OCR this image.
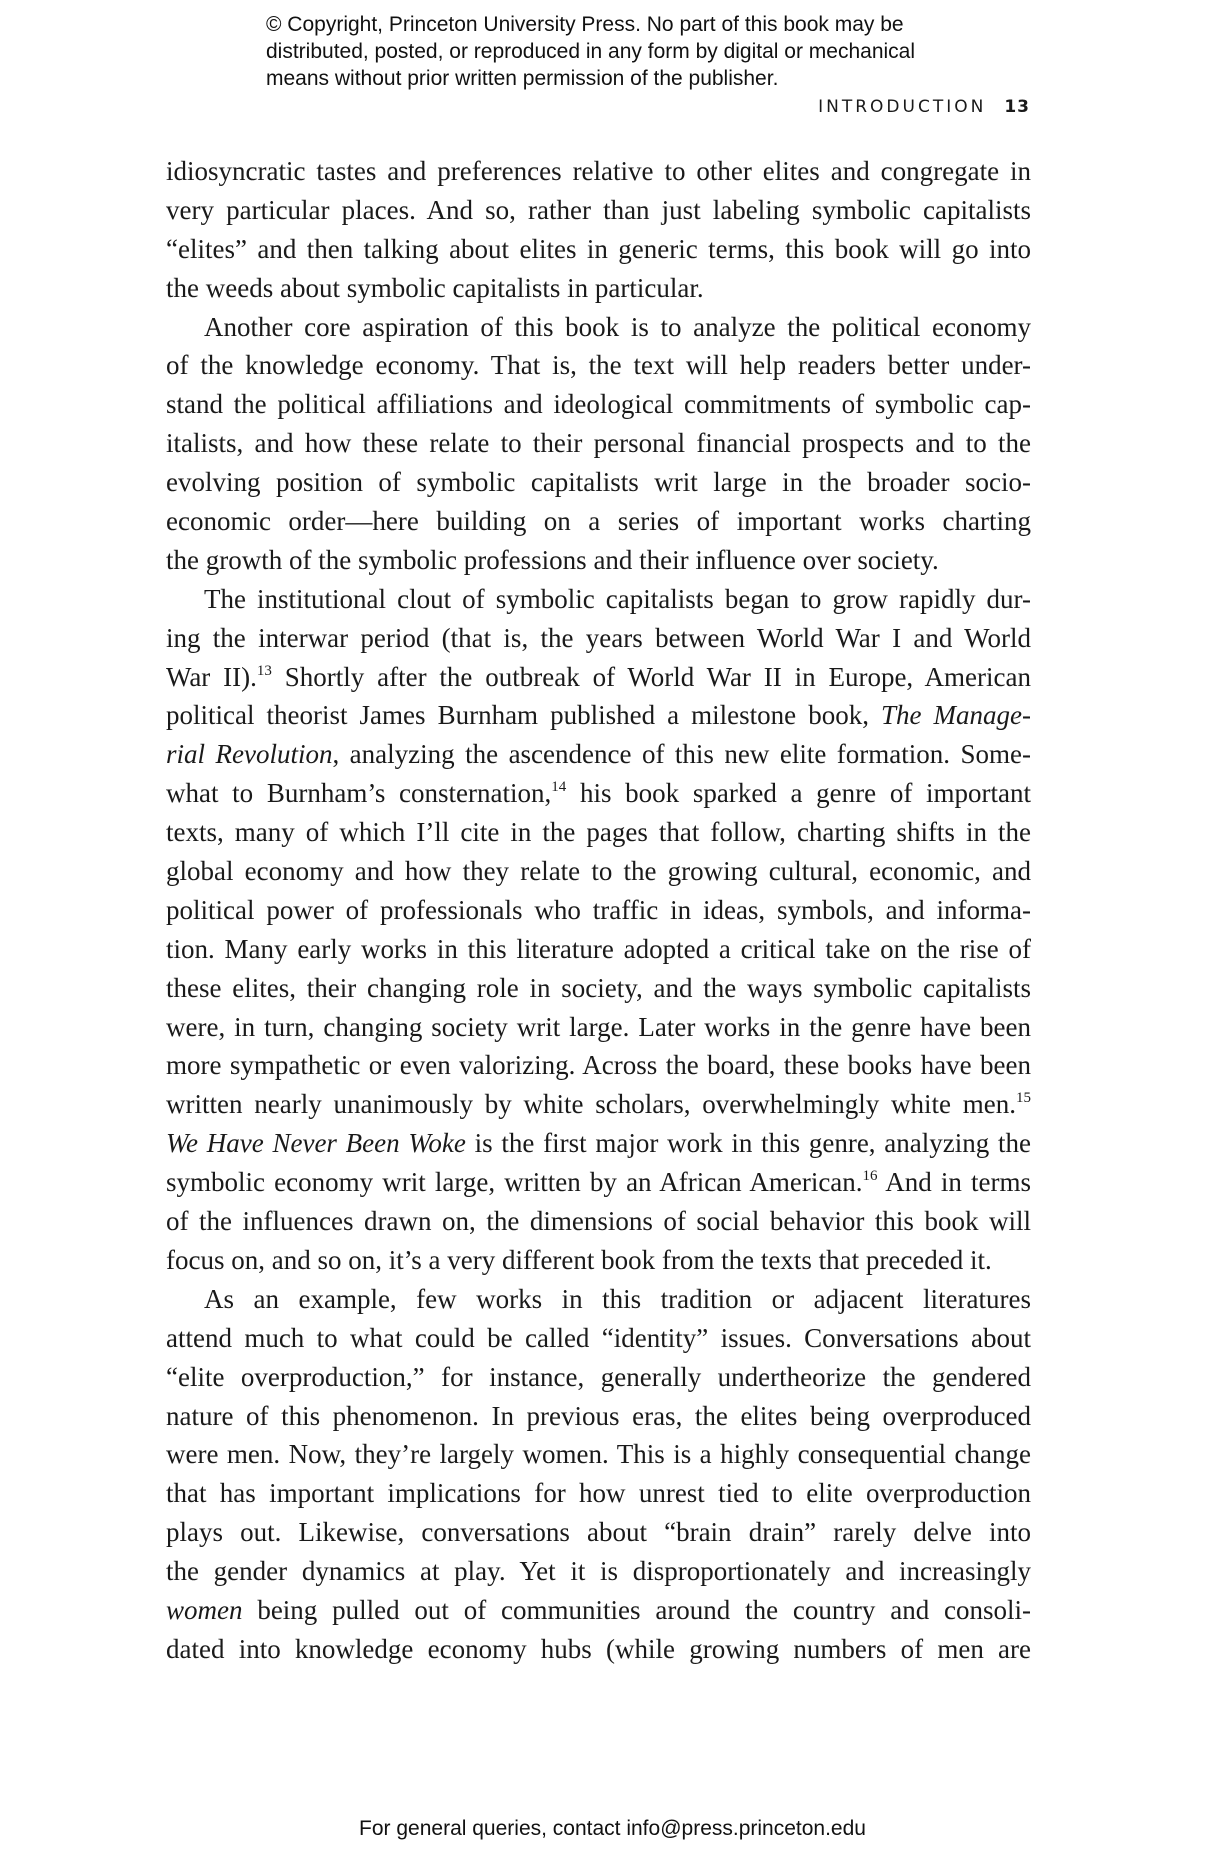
© Copyright, Princeton University Press. No part of this book may be
distributed, posted, or reproduced in any form by digital or mechanical
means without prior written permission of the publisher.
INTRODUCTION 13
idiosyncratic tastes and preferences relative to other elites and congregate in
very particular places. And so, rather than just labeling symbolic capitalists
“elites” and then talking about elites in generic terms, this book will go into
the weeds about symbolic capitalists in particular.
Another core aspiration of this book is to analyze the political economy
of the knowledge economy. That is, the text will help readers better under-
stand the political affiliations and ideological commitments of symbolic cap-
italists, and how these relate to their personal financial prospects and to the
evolving position of symbolic capitalists writ large in the broader socio-
economic order—here building on a series of important works charting
the growth of the symbolic professions and their influence over society.
The institutional clout of symbolic capitalists began to grow rapidly dur-
ing the interwar period (that is, the years between World War I and World
War II).$^{13}$ Shortly after the outbreak of World War II in Europe, American
political theorist James Burnham published a milestone book, The Manage-
rial Revolution, analyzing the ascendence of this new elite formation. Some-
what to Burnham’s consternation,$^{14}$ his book sparked a genre of important
texts, many of which I’ll cite in the pages that follow, charting shifts in the
global economy and how they relate to the growing cultural, economic, and
political power of professionals who traffic in ideas, symbols, and informa-
tion. Many early works in this literature adopted a critical take on the rise of
these elites, their changing role in society, and the ways symbolic capitalists
were, in turn, changing society writ large. Later works in the genre have been
more sympathetic or even valorizing. Across the board, these books have been
written nearly unanimously by white scholars, overwhelmingly white men.$^{15}$
We Have Never Been Woke is the first major work in this genre, analyzing the
symbolic economy writ large, written by an African American.$^{16}$ And in terms
of the influences drawn on, the dimensions of social behavior this book will
focus on, and so on, it’s a very different book from the texts that preceded it.
As an example, few works in this tradition or adjacent literatures
attend much to what could be called “identity” issues. Conversations about
“elite overproduction,” for instance, generally undertheorize the gendered
nature of this phenomenon. In previous eras, the elites being overproduced
were men. Now, they’re largely women. This is a highly consequential change
that has important implications for how unrest tied to elite overproduction
plays out. Likewise, conversations about “brain drain” rarely delve into
the gender dynamics at play. Yet it is disproportionately and increasingly
women being pulled out of communities around the country and consoli-
dated into knowledge economy hubs (while growing numbers of men are
For general queries, contact info@press.princeton.edu
